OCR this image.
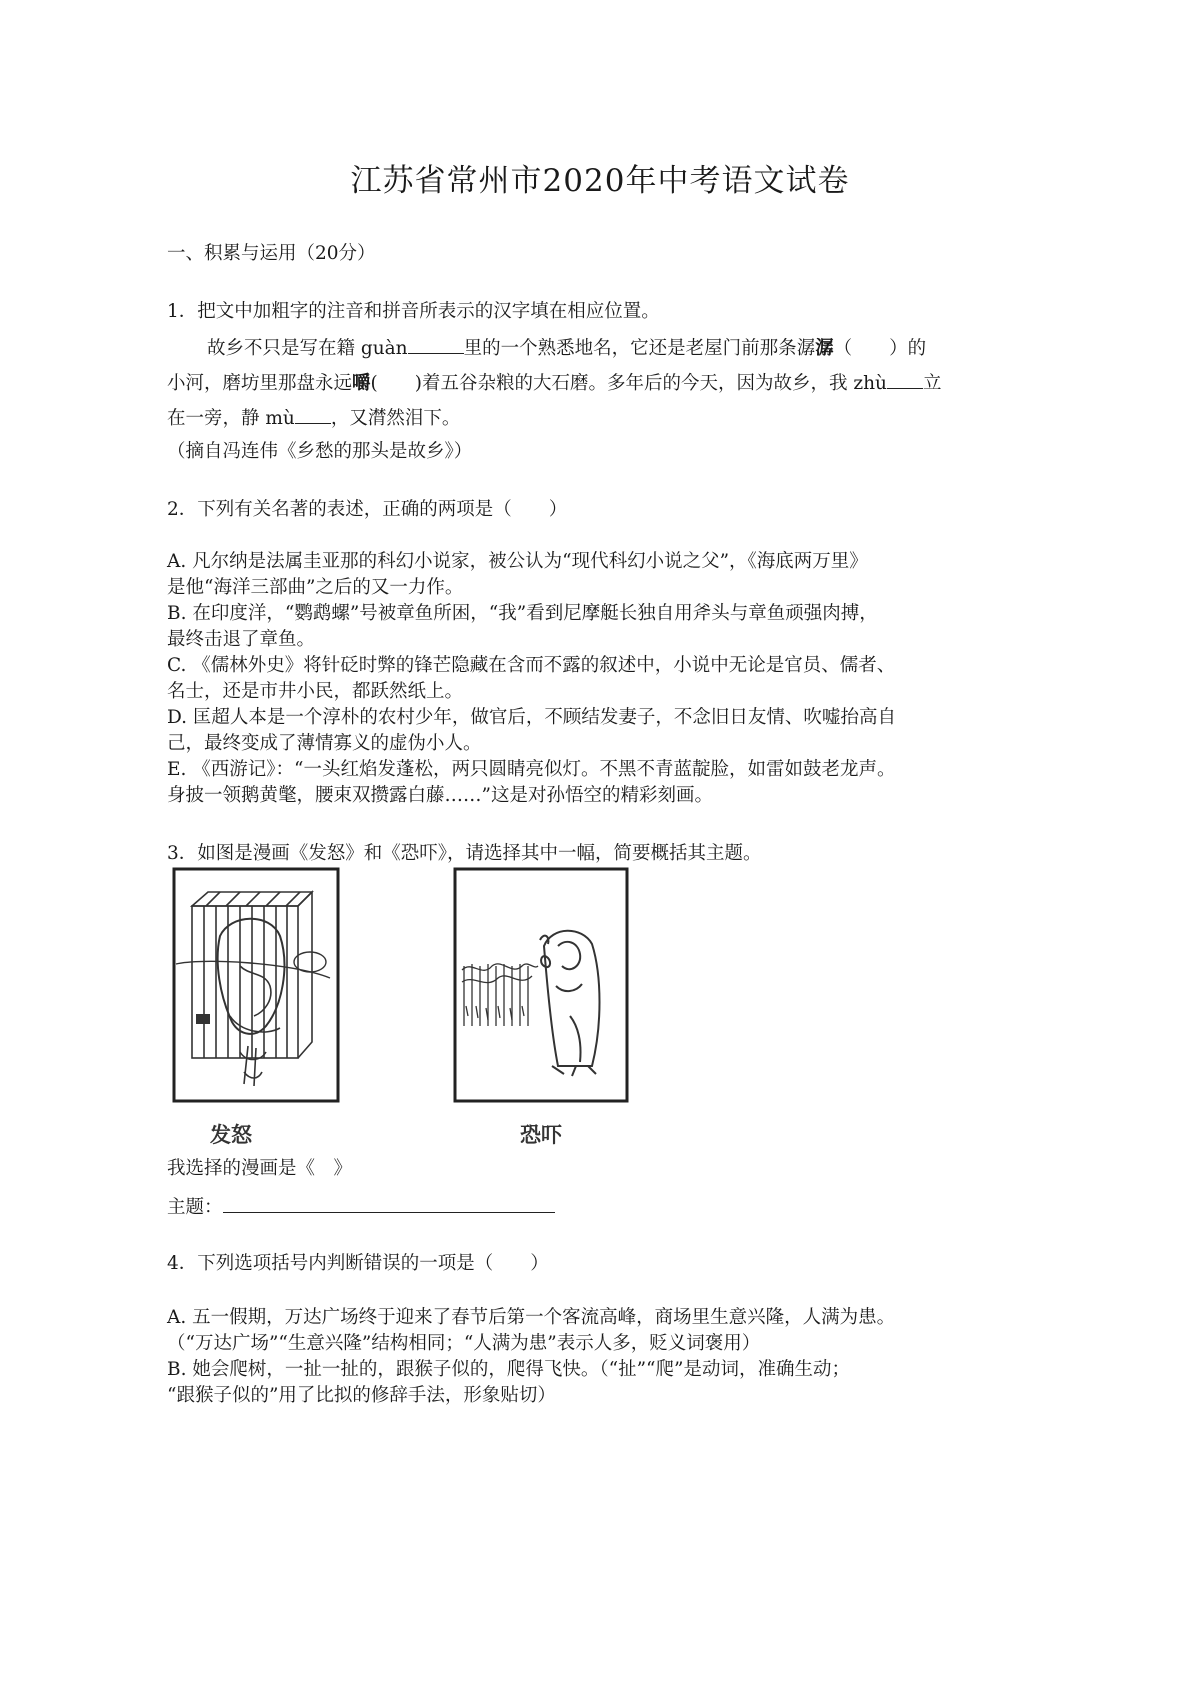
江苏省常州市2020年中考语文试卷
一、积累与运用（20分）
1．把文中加粗字的注音和拼音所表示的汉字填在相应位置。
故乡不只是写在籍 guàn	里的一个熟悉地名，它还是老屋门前那条潺潺（　　）的
小河，磨坊里那盘永远嚼(　　)着五谷杂粮的大石磨。多年后的今天，因为故乡，我 zhù 立
在一旁，静 mù ，又潸然泪下。
（摘自冯连伟《乡愁的那头是故乡》）
2．下列有关名著的表述，正确的两项是（　　）
A. 凡尔纳是法属圭亚那的科幻小说家，被公认为“现代科幻小说之父”，《海底两万里》
是他“海洋三部曲”之后的又一力作。
B. 在印度洋，“鹦鹉螺”号被章鱼所困，“我”看到尼摩艇长独自用斧头与章鱼顽强肉搏，
最终击退了章鱼。
C. 《儒林外史》将针砭时弊的锋芒隐藏在含而不露的叙述中，小说中无论是官员、儒者、
名士，还是市井小民，都跃然纸上。
D. 匡超人本是一个淳朴的农村少年，做官后，不顾结发妻子，不念旧日友情、吹嘘抬高自
己，最终变成了薄情寡义的虚伪小人。
E. 《西游记》：“一头红焰发蓬松，两只圆睛亮似灯。不黑不青蓝靛脸，如雷如鼓老龙声。
身披一领鹅黄氅，腰束双攒露白藤……”这是对孙悟空的精彩刻画。
3．如图是漫画《发怒》和《恐吓》，请选择其中一幅，简要概括其主题。
发怒	恐吓
我选择的漫画是《　》
主题：
4．下列选项括号内判断错误的一项是（　　）
A. 五一假期，万达广场终于迎来了春节后第一个客流高峰，商场里生意兴隆，人满为患。
（“万达广场”“生意兴隆”结构相同；“人满为患”表示人多，贬义词褒用）
B. 她会爬树，一扯一扯的，跟猴子似的，爬得飞快。（“扯”“爬”是动词，准确生动；
“跟猴子似的”用了比拟的修辞手法，形象贴切）
